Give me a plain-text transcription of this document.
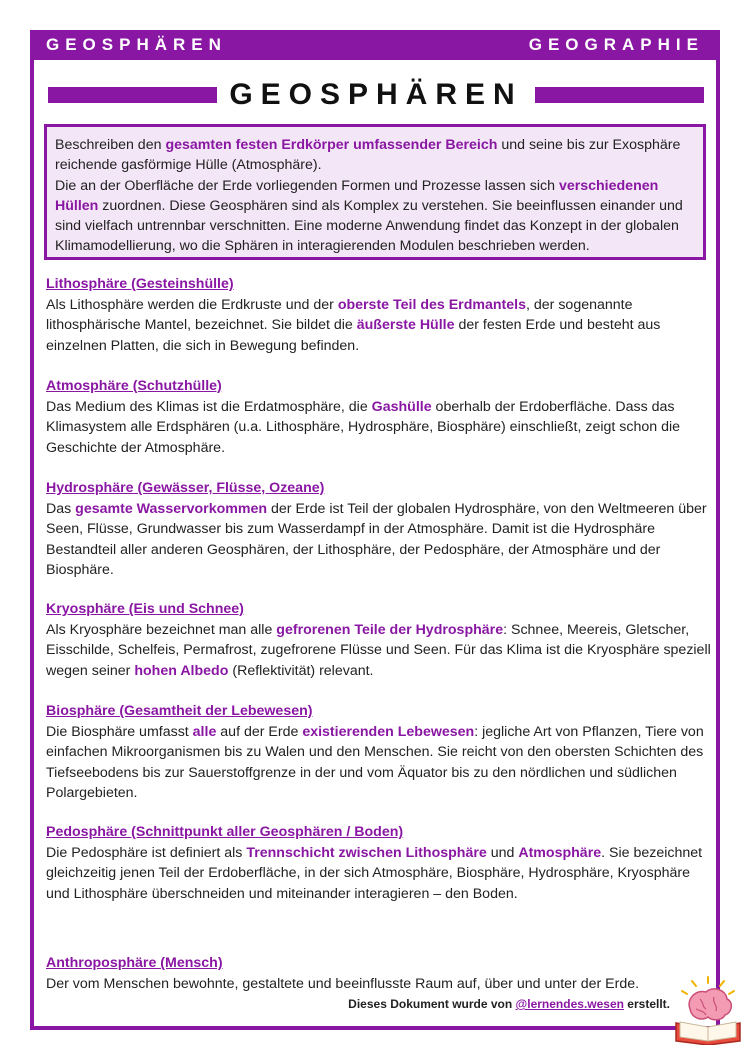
GEOSPHÄREN	GEOGRAPHIE
GEOSPHÄREN
Beschreiben den gesamten festen Erdkörper umfassender Bereich und seine bis zur Exosphäre reichende gasförmige Hülle (Atmosphäre).
Die an der Oberfläche der Erde vorliegenden Formen und Prozesse lassen sich verschiedenen Hüllen zuordnen. Diese Geosphären sind als Komplex zu verstehen. Sie beeinflussen einander und sind vielfach untrennbar verschnitten. Eine moderne Anwendung findet das Konzept in der globalen Klimamodellierung, wo die Sphären in interagierenden Modulen beschrieben werden.
Lithosphäre (Gesteinshülle)
Als Lithosphäre werden die Erdkruste und der oberste Teil des Erdmantels, der sogenannte lithosphärische Mantel, bezeichnet. Sie bildet die äußerste Hülle der festen Erde und besteht aus einzelnen Platten, die sich in Bewegung befinden.
Atmosphäre (Schutzhülle)
Das Medium des Klimas ist die Erdatmosphäre, die Gashülle oberhalb der Erdoberfläche. Dass das Klimasystem alle Erdsphären (u.a. Lithosphäre, Hydrosphäre, Biosphäre) einschließt, zeigt schon die Geschichte der Atmosphäre.
Hydrosphäre (Gewässer, Flüsse, Ozeane)
Das gesamte Wasservorkommen der Erde ist Teil der globalen Hydrosphäre, von den Weltmeeren über Seen, Flüsse, Grundwasser bis zum Wasserdampf in der Atmosphäre. Damit ist die Hydrosphäre Bestandteil aller anderen Geosphären, der Lithosphäre, der Pedosphäre, der Atmosphäre und der Biosphäre.
Kryosphäre (Eis und Schnee)
Als Kryosphäre bezeichnet man alle gefrorenen Teile der Hydrosphäre: Schnee, Meereis, Gletscher, Eisschilde, Schelfeis, Permafrost, zugefrorene Flüsse und Seen. Für das Klima ist die Kryosphäre speziell wegen seiner hohen Albedo (Reflektivität) relevant.
Biosphäre (Gesamtheit der Lebewesen)
Die Biosphäre umfasst alle auf der Erde existierenden Lebewesen: jegliche Art von Pflanzen, Tiere von einfachen Mikroorganismen bis zu Walen und den Menschen. Sie reicht von den obersten Schichten des Tiefseebodens bis zur Sauerstoffgrenze in der und vom Äquator bis zu den nördlichen und südlichen Polargebieten.
Pedosphäre (Schnittpunkt aller Geosphären / Boden)
Die Pedosphäre ist definiert als Trennschicht zwischen Lithosphäre und Atmosphäre. Sie bezeichnet gleichzeitig jenen Teil der Erdoberfläche, in der sich Atmosphäre, Biosphäre, Hydrosphäre, Kryosphäre und Lithosphäre überschneiden und miteinander interagieren – den Boden.
Anthroposphäre (Mensch)
Der vom Menschen bewohnte, gestaltete und beeinflusste Raum auf, über und unter der Erde.
Dieses Dokument wurde von @lernendes.wesen erstellt.
